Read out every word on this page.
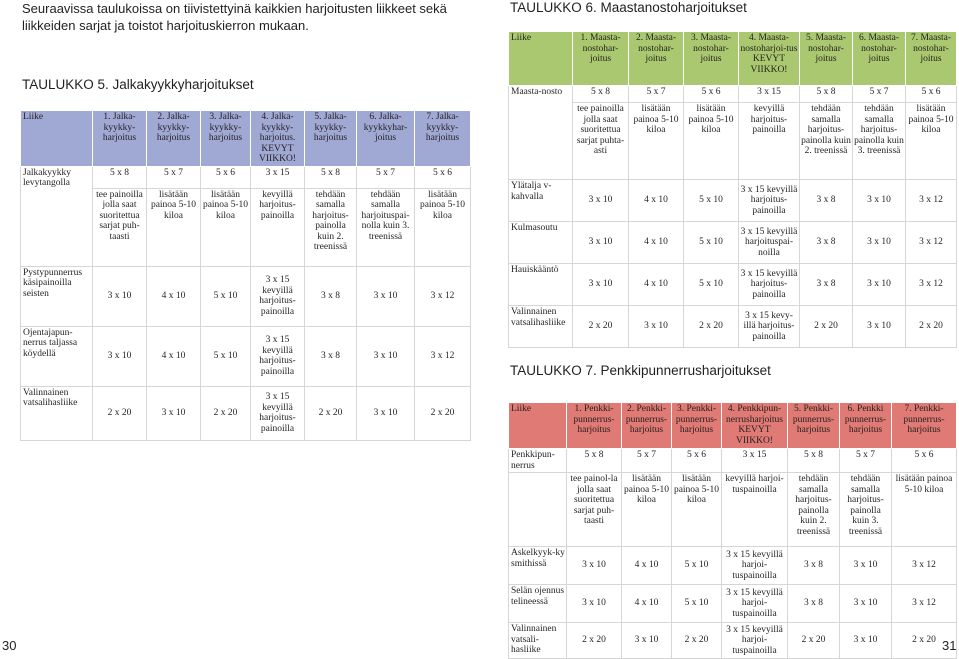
Seuraavissa taulukoissa on tiivistettyinä kaikkien harjoitusten liikkeet sekä liikkeiden sarjat ja toistot harjoituskierron mukaan.
TAULUKKO 5. Jalkakyykkyharjoitukset
Liike	1. Jalka-kyykky-harjoitus	2. Jalka-kyykky-harjoitus	3. Jalka-kyykky-harjoitus	4. Jalka-kyykky-harjoitus. KEVYT VIIKKO!	5. Jalka-kyykky-harjoitus	6. Jalka-kyykkyhar-joitus	7. Jalka-kyykky-harjoitus
Jalkakyykky levytangolla	5 x 8	5 x 7	5 x 6	3 x 15	5 x 8	5 x 7	5 x 6
	tee painoilla jolla saat suoritettua sarjat puh-taasti	lisätään painoa 5-10 kiloa	lisätään painoa 5-10 kiloa	kevyillä harjoitus-painoilla	tehdään samalla harjoitus-painolla kuin 2. treenissä	tehdään samalla harjoituspai-nolla kuin 3. treenissä	lisätään painoa 5-10 kiloa
Pystypunnerrus käsipainoilla seisten	3 x 10	4 x 10	5 x 10	3 x 15 kevyillä harjoitus-painoilla	3 x 8	3 x 10	3 x 12
Ojentajapun-nerrus taljassa köydellä	3 x 10	4 x 10	5 x 10	3 x 15 kevyillä harjoitus-painoilla	3 x 8	3 x 10	3 x 12
Valinnainen vatsalihasliike	2 x 20	3 x 10	2 x 20	3 x 15 kevyillä harjoitus-painoilla	2 x 20	3 x 10	2 x 20
TAULUKKO 6. Maastanostoharjoitukset
Liike	1. Maasta-nostohar-joitus	2. Maasta-nostohar-joitus	3. Maasta-nostohar-joitus	4. Maasta-nostoharjoi-tus KEVYT VIIKKO!	5. Maasta-nostohar-joitus	6. Maasta-nostohar-joitus	7. Maasta-nostohar-joitus
Maasta-nosto	5 x 8	5 x 7	5 x 6	3 x 15	5 x 8	5 x 7	5 x 6
	tee painoilla jolla saat suoritettua sarjat puhta-asti	lisätään painoa 5-10 kiloa	lisätään painoa 5-10 kiloa	kevyillä harjoitus-painoilla	tehdään samalla harjoitus-painolla kuin 2. treenissä	tehdään samalla harjoitus-painolla kuin 3. treenissä	lisätään painoa 5-10 kiloa
Ylätalja v-kahvalla	3 x 10	4 x 10	5 x 10	3 x 15 kevyillä harjoitus-painoilla	3 x 8	3 x 10	3 x 12
Kulmasoutu	3 x 10	4 x 10	5 x 10	3 x 15 kevyillä harjoituspai-noilla	3 x 8	3 x 10	3 x 12
Hauiskääntö	3 x 10	4 x 10	5 x 10	3 x 15 kevyillä harjoitus-painoilla	3 x 8	3 x 10	3 x 12
Valinnainen vatsalihasliike	2 x 20	3 x 10	2 x 20	3 x 15 kevy-illä harjoitus-painoilla	2 x 20	3 x 10	2 x 20
TAULUKKO 7. Penkkipunnerrusharjoitukset
Liike	1. Penkki-punnerrus-harjoitus	2. Penkki-punnerrus-harjoitus	3. Penkki-punnerrus-harjoitus	4. Penkkipun-nerrusharjoitus KEVYT VIIKKO!	5. Penkki-punnerrus-harjoitus	6. Penkki punnerrus-harjoitus	7. Penkki-punnerrus-harjoitus
Penkkipun-nerrus	5 x 8	5 x 7	5 x 6	3 x 15	5 x 8	5 x 7	5 x 6
	tee painol-la jolla saat suoritettua sarjat puh-taasti	lisätään painoa 5-10 kiloa	lisätään painoa 5-10 kiloa	kevyillä harjoi-tuspainoilla	tehdään samalla harjoitus-painolla kuin 2. treenissä	tehdään samalla harjoitus-painolla kuin 3. treenissä	lisätään painoa 5-10 kiloa
Askelkyyk-ky smithissä	3 x 10	4 x 10	5 x 10	3 x 15 kevyillä harjoi-tuspainoilla	3 x 8	3 x 10	3 x 12
Selän ojennus telineessä	3 x 10	4 x 10	5 x 10	3 x 15 kevyillä harjoi-tuspainoilla	3 x 8	3 x 10	3 x 12
Valinnainen vatsali-hasliike	2 x 20	3 x 10	2 x 20	3 x 15 kevyillä harjoi-tuspainoilla	2 x 20	3 x 10	2 x 20
30	31
